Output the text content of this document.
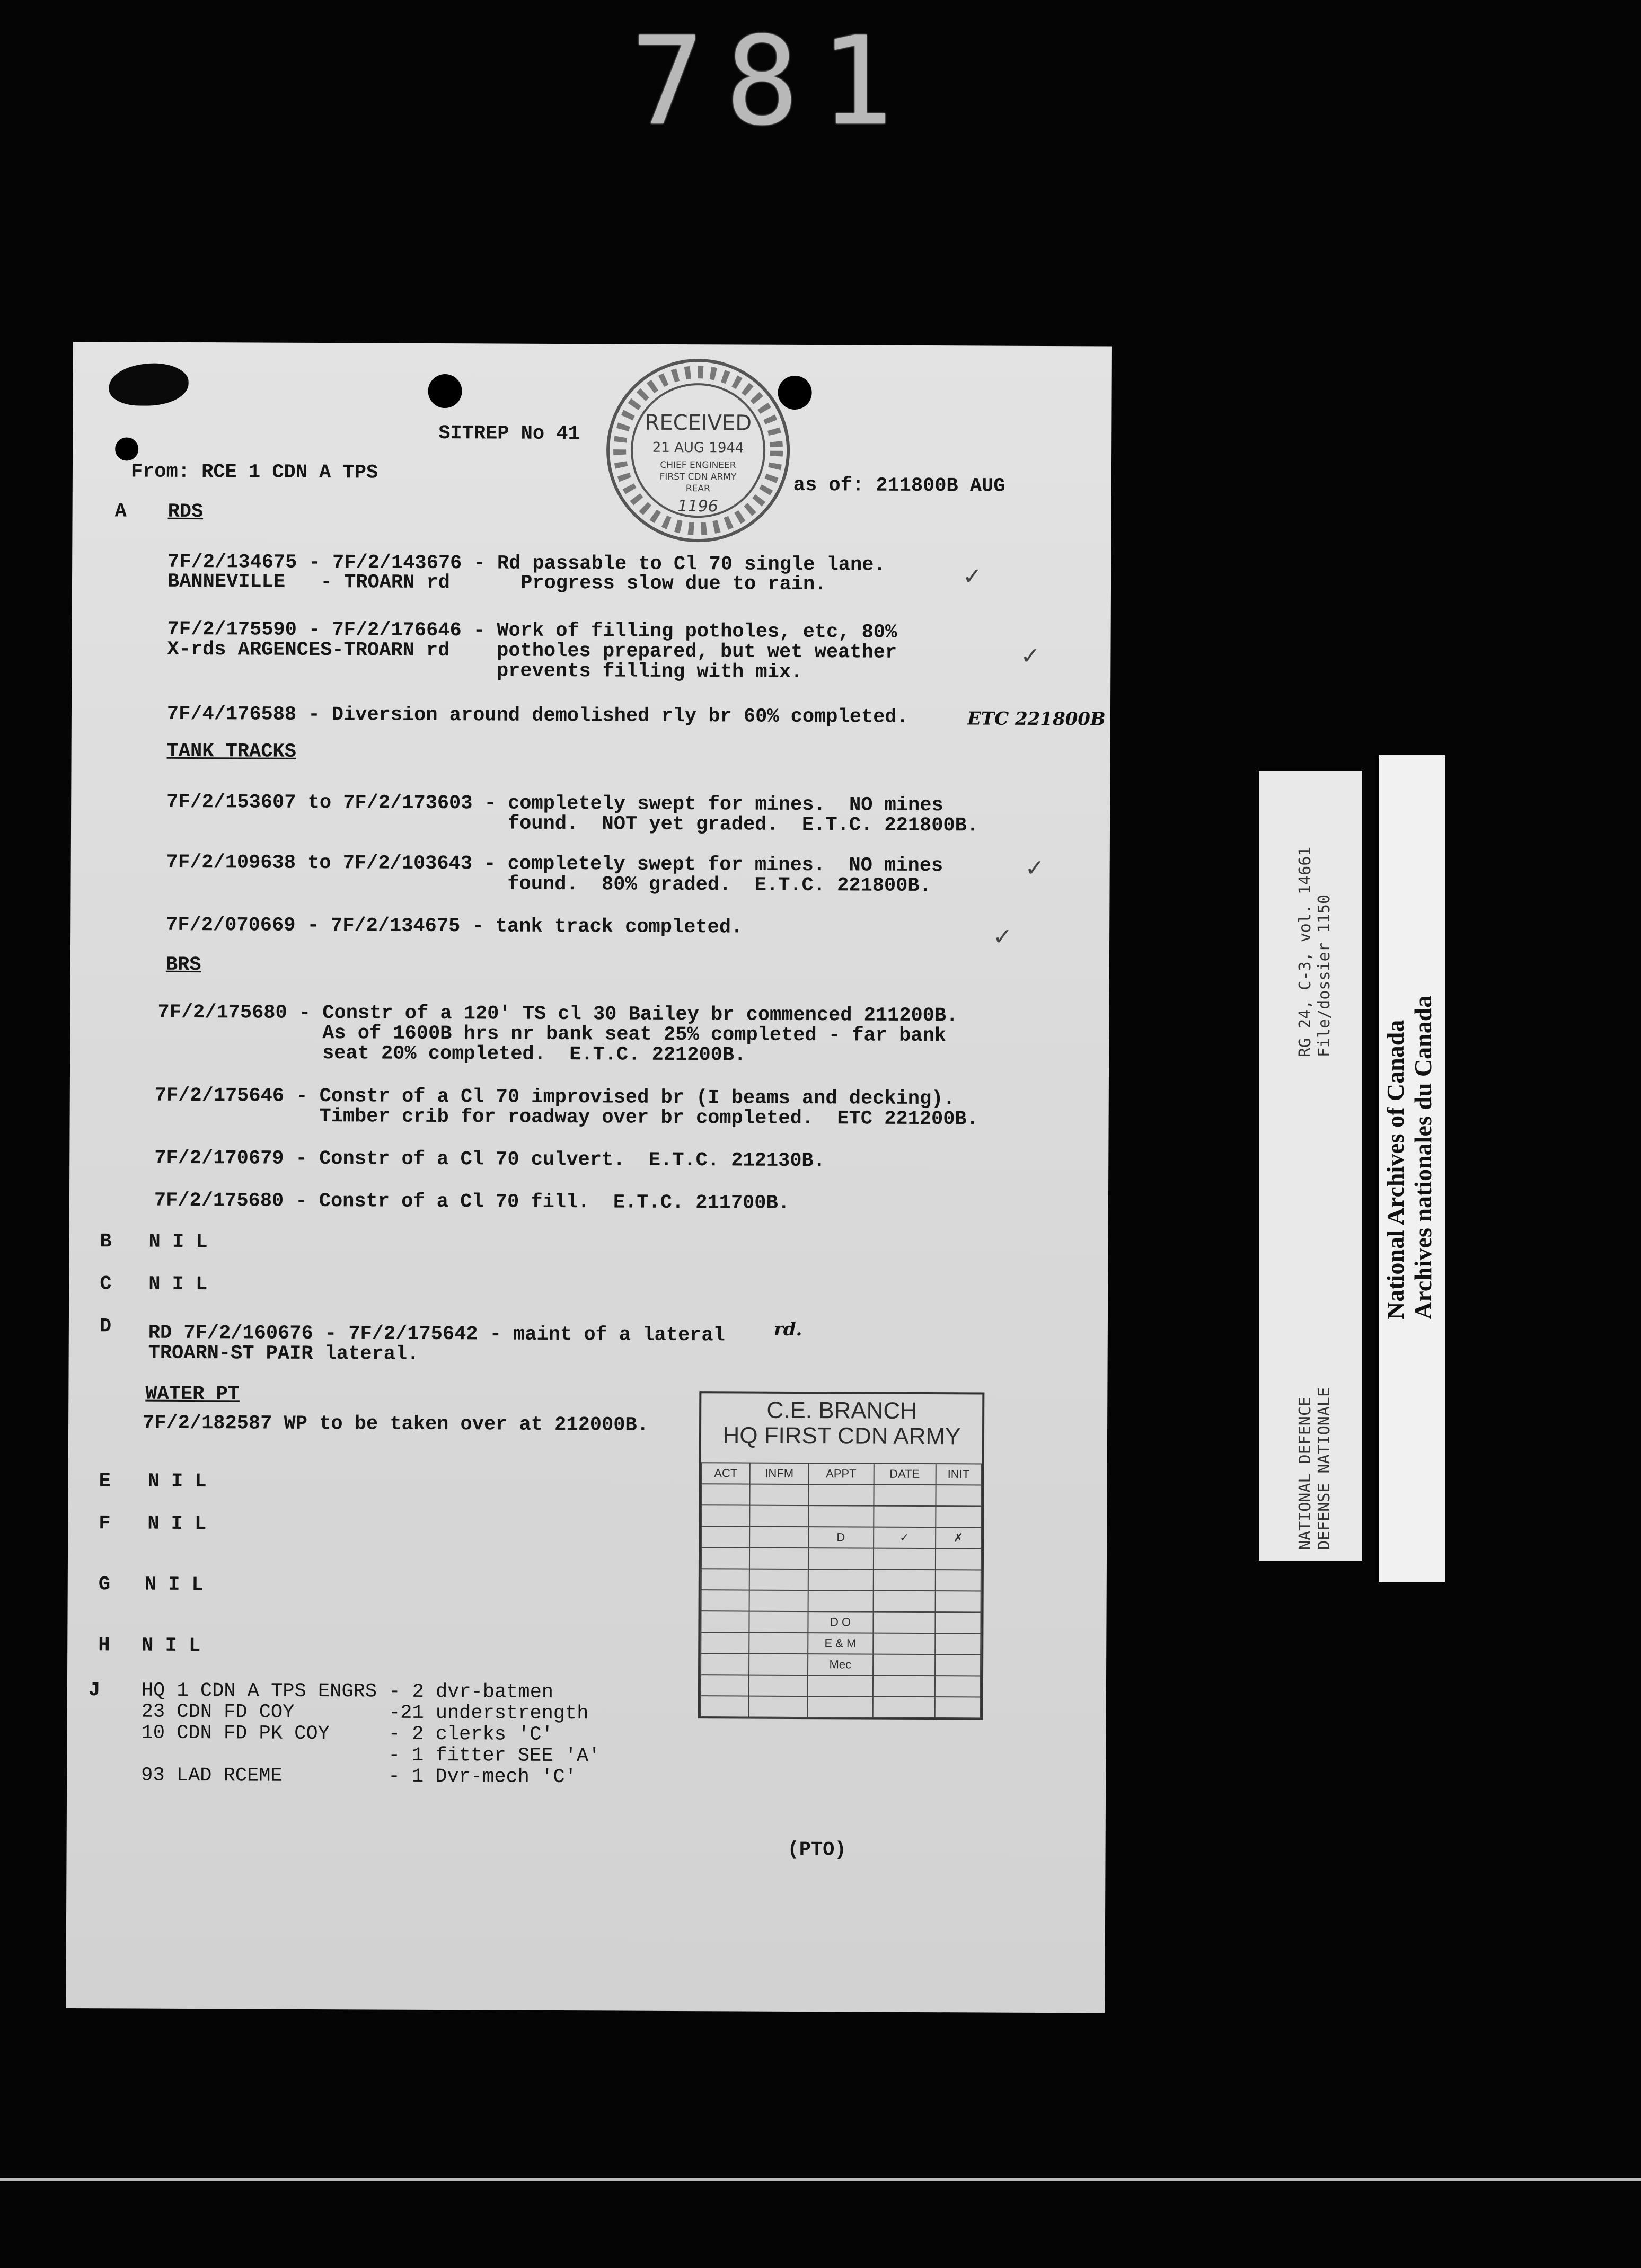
781
RECEIVED
21 AUG 1944
CHIEF ENGINEER
FIRST CDN ARMY
REAR
1196
SITREP No 41
From: RCE 1 CDN A TPS
as of: 211800B AUG
A RDS
7F/2/134675 - 7F/2/143676 - Rd passable to Cl 70 single lane.
BANNEVILLE   - TROARN rd      Progress slow due to rain.	✓
7F/2/175590 - 7F/2/176646 - Work of filling potholes, etc, 80%
X-rds ARGENCES-TROARN rd    potholes prepared, but wet weather
prevents filling with mix.
✓
7F/4/176588 - Diversion around demolished rly br 60% completed.	ETC 221800B
TANK TRACKS
7F/2/153607 to 7F/2/173603 - completely swept for mines.  NO mines
found.  NOT yet graded.  E.T.C. 221800B.
7F/2/109638 to 7F/2/103643 - completely swept for mines.  NO mines
found.  80% graded.  E.T.C. 221800B.
✓
7F/2/070669 - 7F/2/134675 - tank track completed.	✓
BRS
7F/2/175680 - Constr of a 120' TS cl 30 Bailey br commenced 211200B.
As of 1600B hrs nr bank seat 25% completed - far bank
seat 20% completed.  E.T.C. 221200B.
7F/2/175646 - Constr of a Cl 70 improvised br (I beams and decking).
Timber crib for roadway over br completed.  ETC 221200B.
7F/2/170679 - Constr of a Cl 70 culvert.  E.T.C. 212130B.
7F/2/175680 - Constr of a Cl 70 fill.  E.T.C. 211700B.
B N I L
C N I L
D RD 7F/2/160676 - 7F/2/175642 - maint of a lateral	rd.
TROARN-ST PAIR lateral.
WATER PT
7F/2/182587 WP to be taken over at 212000B.
E N I L
F N I L
G N I L
H N I L
J HQ 1 CDN A TPS ENGRS - 2 dvr-batmen
23 CDN FD COY        -21 understrength
10 CDN FD PK COY     - 2 clerks 'C'
- 1 fitter SEE 'A'
93 LAD RCEME         - 1 Dvr-mech 'C'
(PTO)
C.E. BRANCH
HQ FIRST CDN ARMY
ACT	INFM	APPT	DATE	INIT

		D	✓	✗

		D O		
		E & M		
		Mec		

NATIONAL DEFENCE DEFENSE NATIONALE
RG 24, C-3, vol. 14661 File/dossier 1150
National Archives of Canada Archives nationales du Canada
